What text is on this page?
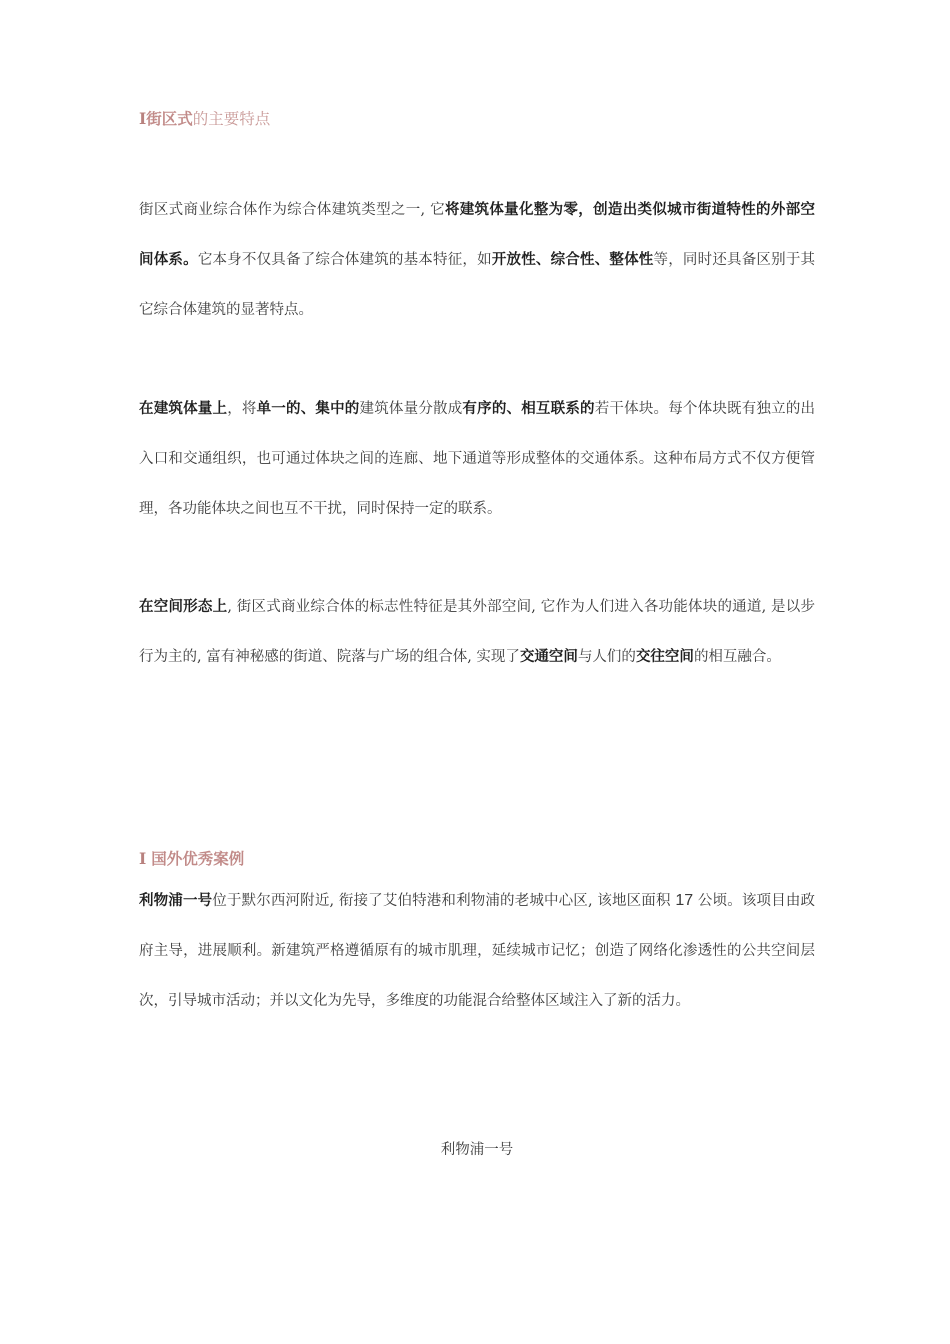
I街区式的主要特点
街区式商业综合体作为综合体建筑类型之一, 它将建筑体量化整为零，创造出类似城市街道特性的外部空间体系。它本身不仅具备了综合体建筑的基本特征，如开放性、综合性、整体性等，同时还具备区别于其它综合体建筑的显著特点。
在建筑体量上，将单一的、集中的建筑体量分散成有序的、相互联系的若干体块。每个体块既有独立的出入口和交通组织，也可通过体块之间的连廊、地下通道等形成整体的交通体系。这种布局方式不仅方便管理，各功能体块之间也互不干扰，同时保持一定的联系。
在空间形态上, 街区式商业综合体的标志性特征是其外部空间, 它作为人们进入各功能体块的通道, 是以步行为主的, 富有神秘感的街道、院落与广场的组合体, 实现了交通空间与人们的交往空间的相互融合。
I 国外优秀案例
利物浦一号位于默尔西河附近, 衔接了艾伯特港和利物浦的老城中心区, 该地区面积 17 公顷。该项目由政府主导，进展顺利。新建筑严格遵循原有的城市肌理，延续城市记忆；创造了网络化渗透性的公共空间层次，引导城市活动；并以文化为先导，多维度的功能混合给整体区域注入了新的活力。
利物浦一号
